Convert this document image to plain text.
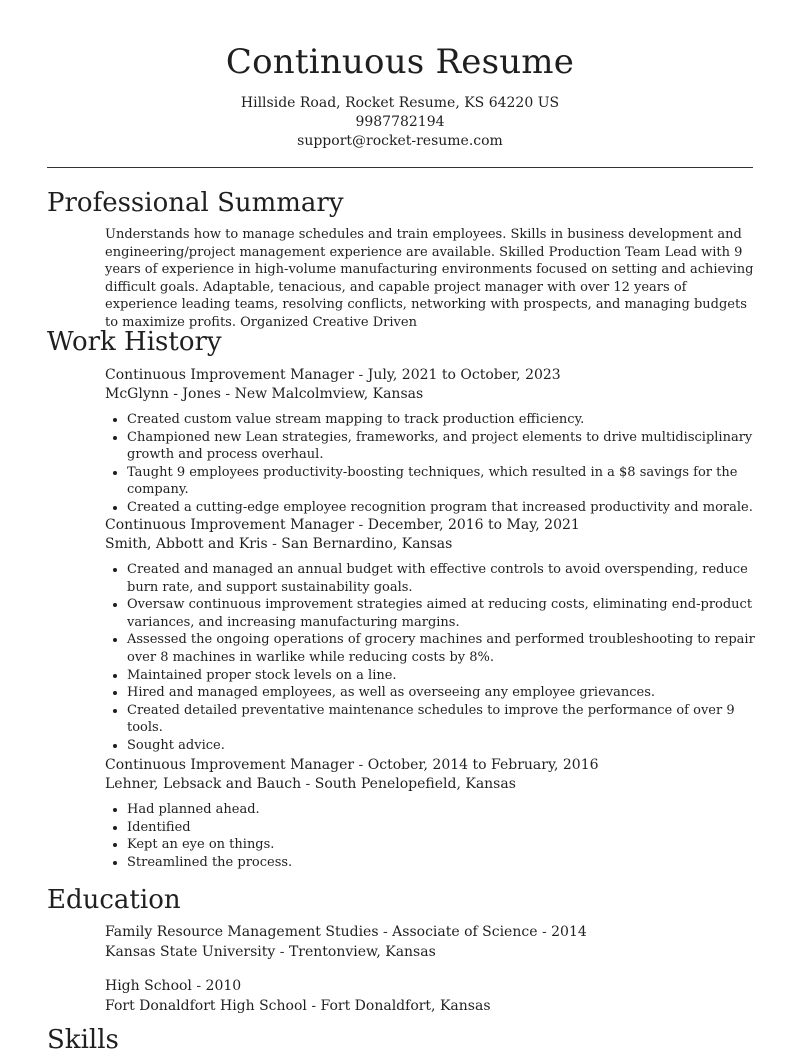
Continuous Resume
Hillside Road, Rocket Resume, KS 64220 US
9987782194
support@rocket-resume.com
Professional Summary

Understands how to manage schedules and train employees. Skills in business development and engineering/project management experience are available. Skilled Production Team Lead with 9 years of experience in high-volume manufacturing environments focused on setting and achieving difficult goals. Adaptable, tenacious, and capable project manager with over 12 years of experience leading teams, resolving conflicts, networking with prospects, and managing budgets to maximize profits. Organized Creative Driven

Work History
Continuous Improvement Manager - July, 2021 to October, 2023
McGlynn - Jones - New Malcolmview, Kansas
• Created custom value stream mapping to track production efficiency.
• Championed new Lean strategies, frameworks, and project elements to drive multidisciplinary growth and process overhaul.
• Taught 9 employees productivity-boosting techniques, which resulted in a $8 savings for the company.
• Created a cutting-edge employee recognition program that increased productivity and morale.
Continuous Improvement Manager - December, 2016 to May, 2021
Smith, Abbott and Kris - San Bernardino, Kansas
• Created and managed an annual budget with effective controls to avoid overspending, reduce burn rate, and support sustainability goals.
• Oversaw continuous improvement strategies aimed at reducing costs, eliminating end-product variances, and increasing manufacturing margins.
• Assessed the ongoing operations of grocery machines and performed troubleshooting to repair over 8 machines in warlike while reducing costs by 8%.
• Maintained proper stock levels on a line.
• Hired and managed employees, as well as overseeing any employee grievances.
• Created detailed preventative maintenance schedules to improve the performance of over 9 tools.
• Sought advice.
Continuous Improvement Manager - October, 2014 to February, 2016
Lehner, Lebsack and Bauch - South Penelopefield, Kansas
• Had planned ahead.
• Identified
• Kept an eye on things.
• Streamlined the process.
Education
Family Resource Management Studies - Associate of Science - 2014
Kansas State University - Trentonview, Kansas
High School - 2010
Fort Donaldfort High School - Fort Donaldfort, Kansas
Skills
